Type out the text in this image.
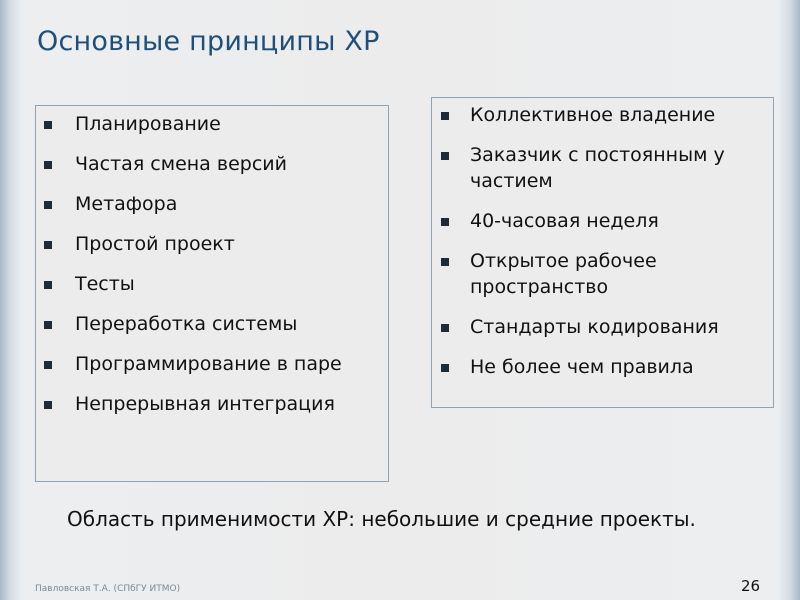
Основные принципы XP
Планирование
Частая смена версий
Метафора
Простой проект
Тесты
Переработка системы
Программирование в паре
Непрерывная интеграция
Коллективное владение
Заказчик с постоянным у частием
40-часовая неделя
Открытое рабочее пространство
Стандарты кодирования
Не более чем правила

Область применимости XP: небольшие и средние проекты.

Павловская Т.А. (СПбГУ ИТМО)	26
